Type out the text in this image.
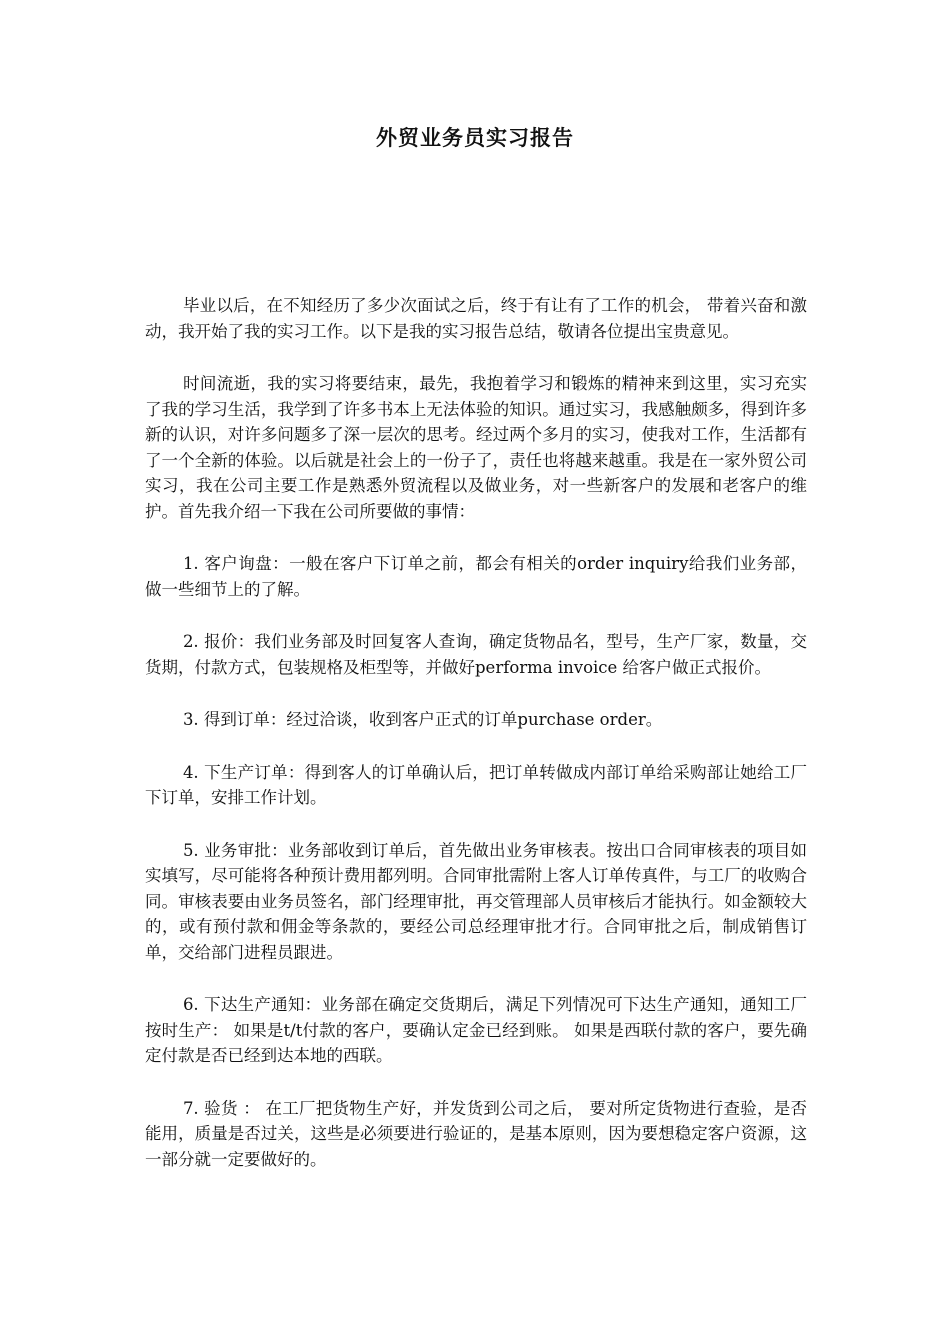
外贸业务员实习报告

毕业以后，在不知经历了多少次面试之后，终于有让有了工作的机会， 带着兴奋和激动，我开始了我的实习工作。以下是我的实习报告总结，敬请各位提出宝贵意见。

时间流逝，我的实习将要结束，最先，我抱着学习和锻炼的精神来到这里，实习充实了我的学习生活，我学到了许多书本上无法体验的知识。通过实习，我感触颇多，得到许多新的认识，对许多问题多了深一层次的思考。经过两个多月的实习，使我对工作，生活都有了一个全新的体验。以后就是社会上的一份子了，责任也将越来越重。我是在一家外贸公司实习，我在公司主要工作是熟悉外贸流程以及做业务，对一些新客户的发展和老客户的维护。首先我介绍一下我在公司所要做的事情：

1. 客户询盘：一般在客户下订单之前，都会有相关的order inquiry给我们业务部，做一些细节上的了解。

2. 报价：我们业务部及时回复客人查询，确定货物品名，型号，生产厂家，数量，交货期，付款方式，包装规格及柜型等，并做好performa invoice 给客户做正式报价。

3. 得到订单：经过洽谈，收到客户正式的订单purchase order。

4. 下生产订单：得到客人的订单确认后，把订单转做成内部订单给采购部让她给工厂下订单，安排工作计划。

5. 业务审批：业务部收到订单后，首先做出业务审核表。按出口合同审核表的项目如实填写，尽可能将各种预计费用都列明。合同审批需附上客人订单传真件，与工厂的收购合同。审核表要由业务员签名，部门经理审批，再交管理部人员审核后才能执行。如金额较大的，或有预付款和佣金等条款的，要经公司总经理审批才行。合同审批之后，制成销售订单，交给部门进程员跟进。

6. 下达生产通知：业务部在确定交货期后，满足下列情况可下达生产通知，通知工厂按时生产： 如果是t/t付款的客户，要确认定金已经到账。 如果是西联付款的客户，要先确定付款是否已经到达本地的西联。

7. 验货 ： 在工厂把货物生产好，并发货到公司之后， 要对所定货物进行查验，是否能用，质量是否过关，这些是必须要进行验证的，是基本原则，因为要想稳定客户资源，这一部分就一定要做好的。
